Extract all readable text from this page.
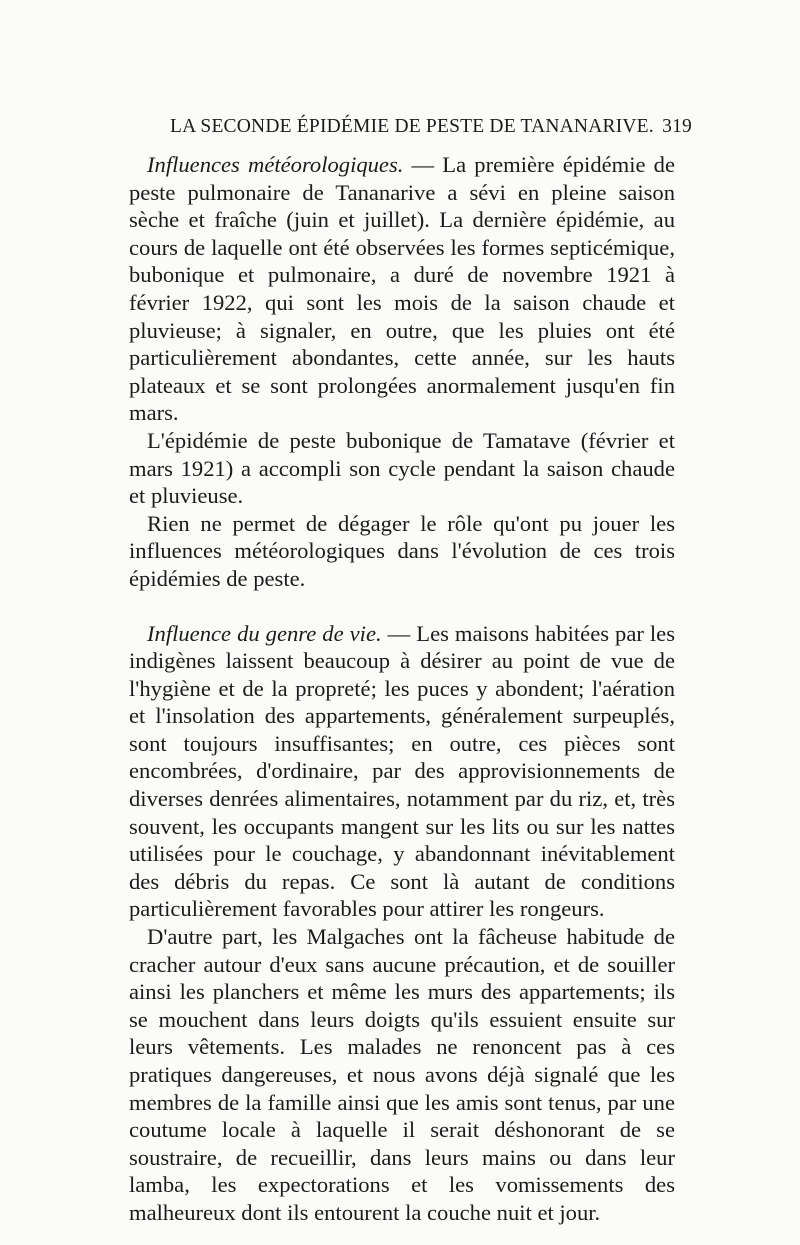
LA SECONDE ÉPIDÉMIE DE PESTE DE TANANARIVE. 319

Influences météorologiques. — La première épidémie de peste pulmonaire de Tananarive a sévi en pleine saison sèche et fraîche (juin et juillet). La dernière épidémie, au cours de laquelle ont été observées les formes septicémique, bubonique et pulmonaire, a duré de novembre 1921 à février 1922, qui sont les mois de la saison chaude et pluvieuse; à signaler, en outre, que les pluies ont été particulièrement abondantes, cette année, sur les hauts plateaux et se sont prolongées anormalement jusqu'en fin mars.

L'épidémie de peste bubonique de Tamatave (février et mars 1921) a accompli son cycle pendant la saison chaude et pluvieuse.

Rien ne permet de dégager le rôle qu'ont pu jouer les influences météorologiques dans l'évolution de ces trois épidémies de peste.

Influence du genre de vie. — Les maisons habitées par les indigènes laissent beaucoup à désirer au point de vue de l'hygiène et de la propreté; les puces y abondent; l'aération et l'insolation des appartements, généralement surpeuplés, sont toujours insuffisantes; en outre, ces pièces sont encombrées, d'ordinaire, par des approvisionnements de diverses denrées alimentaires, notamment par du riz, et, très souvent, les occupants mangent sur les lits ou sur les nattes utilisées pour le couchage, y abandonnant inévitablement des débris du repas. Ce sont là autant de conditions particulièrement favorables pour attirer les rongeurs.

D'autre part, les Malgaches ont la fâcheuse habitude de cracher autour d'eux sans aucune précaution, et de souiller ainsi les planchers et même les murs des appartements; ils se mouchent dans leurs doigts qu'ils essuient ensuite sur leurs vêtements. Les malades ne renoncent pas à ces pratiques dangereuses, et nous avons déjà signalé que les membres de la famille ainsi que les amis sont tenus, par une coutume locale à laquelle il serait déshonorant de se soustraire, de recueillir, dans leurs mains ou dans leur lamba, les expectorations et les vomissements des malheureux dont ils entourent la couche nuit et jour.
